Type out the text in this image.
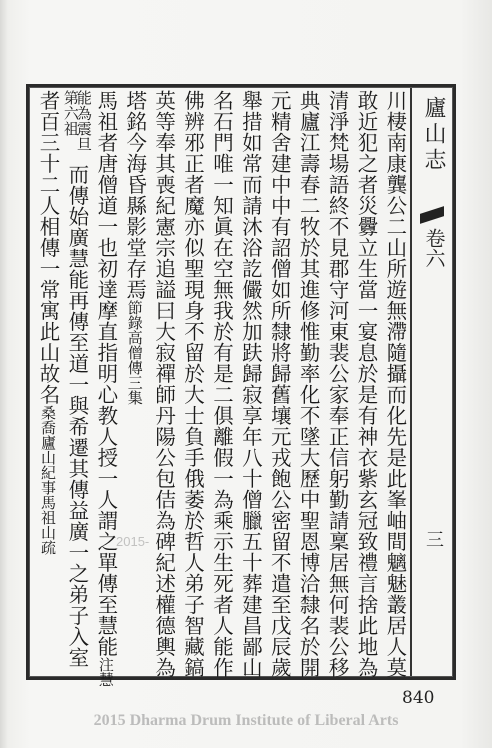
廬山志
卷六
三
川棲南康龔公二山所遊無滯隨攝而化先是此峯岫間魑魅叢居人莫
敢近犯之者災釁立生當一宴息於是有神衣紫玄冠致禮言捨此地為
清淨梵場語終不見郡守河東裴公家奉正信躬勤請稟居無何裴公移
典廬江壽春二牧於其進修惟勤率化不墜大歷中聖恩博洽隸名於開
元精舍建中中有詔僧如所隸將歸舊壤元戎飽公密留不遣至戊辰歲
舉措如常而請沐浴訖儼然加趺歸寂享年八十僧臘五十葬建昌鄙山
名石門唯一知眞在空無我於有是二俱離假一為乘示生死者人能作
佛辨邪正者魔亦似聖現身不留於大士負手俄萎於哲人弟子智藏鎬
英等奉其喪紀憲宗追謚曰大寂禪師丹陽公包佶為碑紀述權德輿為
塔銘今海昏縣影堂存焉節錄高僧傳三集
馬祖者唐僧道一也初達摩直指明心教人授一人謂之單傳至慧能注慧
能為震旦第六祖
而傳始廣慧能再傳至道一與希遷其傳益廣一之弟子入室
者百三十二人相傳一常寓此山故名桑喬廬山紀事馬祖山疏	2015-
840
2015 Dharma Drum Institute of Liberal Arts
